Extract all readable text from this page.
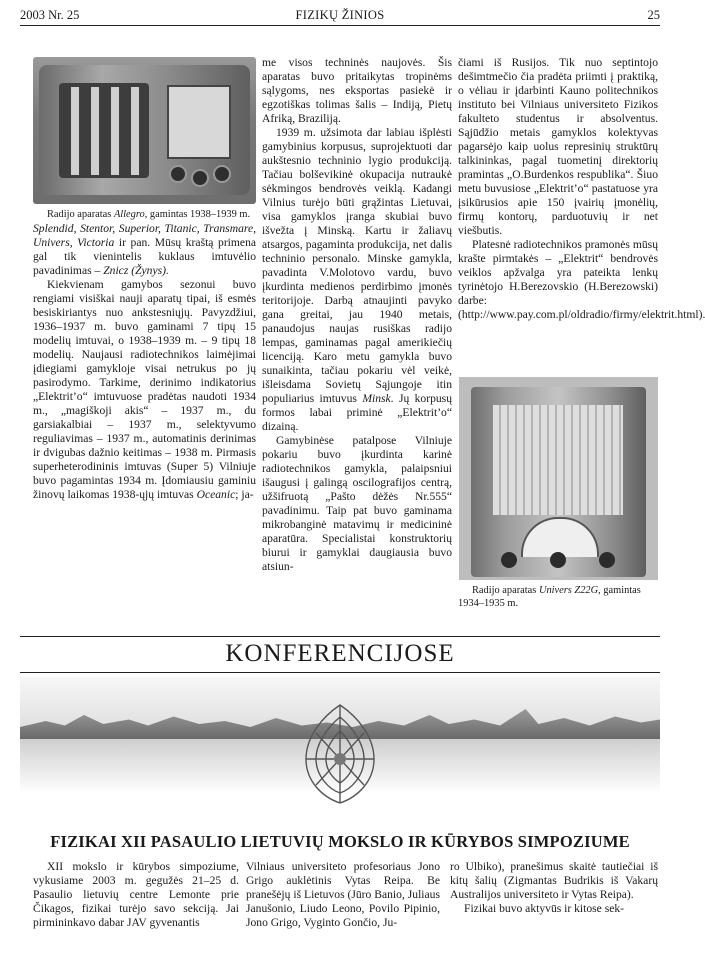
2003 Nr. 25	FIZIKŲ ŽINIOS	25

Radijo aparatas Allegro, gamintas 1938–1939 m.

Splendid, Stentor, Superior, Titanic, Transmare, Univers, Victoria ir pan. Mūsų kraštą primena gal tik vienintelis kuklaus imtuvėlio pavadinimas – Znicz (Žynys).

Kiekvienam gamybos sezonui buvo rengiami visiškai nauji aparatų tipai, iš esmės besiskiriantys nuo ankstesniųjų. Pavyzdžiui, 1936–1937 m. buvo gaminami 7 tipų 15 modelių imtuvai, o 1938–1939 m. – 9 tipų 18 modelių. Naujausi radiotechnikos laimėjimai įdiegiami gamykloje visai netrukus po jų pasirodymo. Tarkime, derinimo indikatorius „Elektrit’o“ imtuvuose pradėtas naudoti 1934 m., „magiškoji akis“ – 1937 m., du garsiakalbiai – 1937 m., selektyvumo reguliavimas – 1937 m., automatinis derinimas ir dvigubas dažnio keitimas – 1938 m. Pirmasis superheterodininis imtuvas (Super 5) Vilniuje buvo pagamintas 1934 m. Įdomiausiu gaminiu žinovų laikomas 1938-ųjų imtuvas Oceanic; ja-

me visos techninės naujovės. Šis aparatas buvo pritaikytas tropinėms sąlygoms, nes eksportas pasiekė ir egzotiškas tolimas šalis – Indiją, Pietų Afriką, Braziliją.

1939 m. užsimota dar labiau išplėsti gamybinius korpusus, suprojektuoti dar aukštesnio techninio lygio produkciją. Tačiau bolševikinė okupacija nutraukė sėkmingos bendrovės veiklą. Kadangi Vilnius turėjo būti grąžintas Lietuvai, visa gamyklos įranga skubiai buvo išvežta į Minską. Kartu ir žaliavų atsargos, pagaminta produkcija, net dalis techninio personalo. Minske gamykla, pavadinta V.Molotovo vardu, buvo įkurdinta medienos perdirbimo įmonės teritorijoje. Darbą atnaujinti pavyko gana greitai, jau 1940 metais, panaudojus naujas rusiškas radijo lempas, gaminamas pagal amerikiečių licenciją. Karo metu gamykla buvo sunaikinta, tačiau pokariu vėl veikė, išleisdama Sovietų Sąjungoje itin populiarius imtuvus Minsk. Jų korpusų formos labai priminė „Elektrit’o“ dizainą.

Gamybinėse patalpose Vilniuje pokariu buvo įkurdinta karinė radiotechnikos gamykla, palaipsniui išaugusi į galingą oscilografijos centrą, užšifruotą „Pašto dėžės Nr.555“ pavadinimu. Taip pat buvo gaminama mikrobanginė matavimų ir medicininė aparatūra. Specialistai konstruktorių biurui ir gamyklai daugiausia buvo atsiun-

čiami iš Rusijos. Tik nuo septintojo dešimtmečio čia pradėta priimti į praktiką, o vėliau ir įdarbinti Kauno politechnikos instituto bei Vilniaus universiteto Fizikos fakulteto studentus ir absolventus. Sąjūdžio metais gamyklos kolektyvas pagarsėjo kaip uolus represinių struktūrų talkininkas, pagal tuometinį direktorių pramintas „O.Burdenkos respublika“. Šiuo metu buvusiose „Elektrit’o“ pastatuose yra įsikūrusios apie 150 įvairių įmonėlių, firmų kontorų, parduotuvių ir net viešbutis.

Platesnė radiotechnikos pramonės mūsų krašte pirmtakės – „Elektrit“ bendrovės veiklos apžvalga yra pateikta lenkų tyrinėtojo H.Berezovskio (H.Berezowski) darbe:

(http://www.pay.com.pl/oldradio/firmy/elektrit.html).

Radijo aparatas Univers Z22G, gamintas 1934–1935 m.

KONFERENCIJOSE
FIZIKAI XII PASAULIO LIETUVIŲ MOKSLO IR KŪRYBOS SIMPOZIUME

XII mokslo ir kūrybos simpoziume, vykusiame 2003 m. gegužės 21–25 d. Pasaulio lietuvių centre Lemonte prie Čikagos, fizikai turėjo savo sekciją. Jai pirmininkavo dabar JAV gyvenantis

Vilniaus universiteto profesoriaus Jono Grigo auklėtinis Vytas Reipa. Be pranešėjų iš Lietuvos (Jūro Banio, Juliaus Janušonio, Liudo Leono, Povilo Pipinio, Jono Grigo, Vyginto Gončio, Ju-

ro Ulbiko), pranešimus skaitė tautiečiai iš kitų šalių (Zigmantas Budrikis iš Vakarų Australijos universiteto ir Vytas Reipa).

Fizikai buvo aktyvūs ir kitose sek-
